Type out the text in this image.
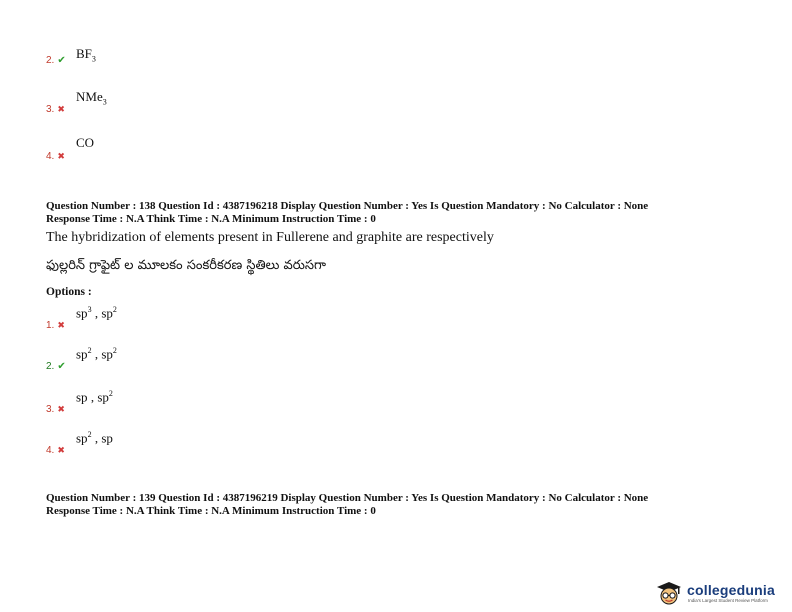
2. ✔ $BF_3$
3. ✖
NMe$_3$
4. ✖
CO
Question Number : 138 Question Id : 4387196218 Display Question Number : Yes Is Question Mandatory : No Calculator : None
Response Time : N.A Think Time : N.A Minimum Instruction Time : 0
The hybridization of elements present in Fullerene and graphite are respectively
ఫుల్లరిన్ గ్రాఫైట్ ల మూలకం సంకరీకరణ స్థితిలు వరుసగా
Options :
1. ✖
$sp^3$ , $sp^2$
2. ✔
$sp^2$ , $sp^2$
3. ✖
sp , $sp^2$
4. ✖
$sp^2$ , sp
Question Number : 139 Question Id : 4387196219 Display Question Number : Yes Is Question Mandatory : No Calculator : None
Response Time : N.A Think Time : N.A Minimum Instruction Time : 0
collegedunia
India's Largest Student Review Platform
